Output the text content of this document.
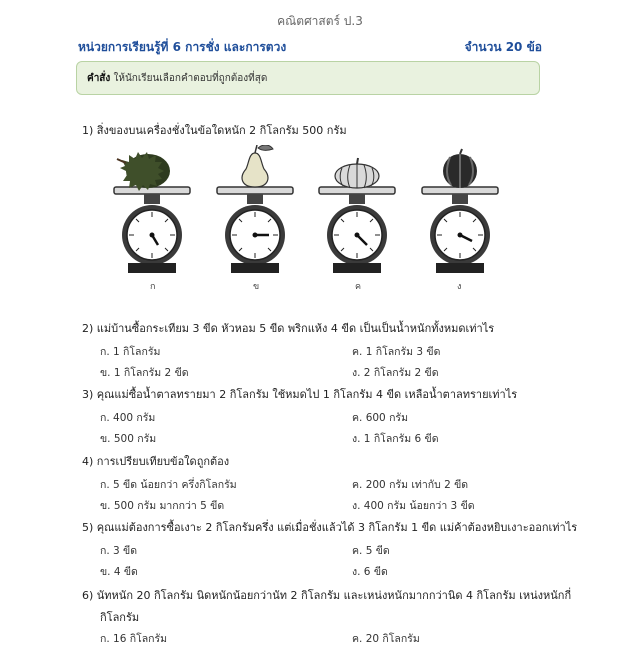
คณิตศาสตร์ ป.3
หน่วยการเรียนรู้ที่ 6 การชั่ง และการตวง	จำนวน 20 ข้อ
คำสั่ง ให้นักเรียนเลือกคำตอบที่ถูกต้องที่สุด
1) สิ่งของบนเครื่องชั่งในข้อใดหนัก 2 กิโลกรัม 500 กรัม
ก	ข	ค	ง
2) แม่บ้านซื้อกระเทียม 3 ขีด หัวหอม 5 ขีด พริกแห้ง 4 ขีด เป็นเป็นน้ำหนักทั้งหมดเท่าไร
ก. 1 กิโลกรัม	ค. 1 กิโลกรัม 3 ขีด
ข. 1 กิโลกรัม 2 ขีด	ง. 2 กิโลกรัม 2 ขีด
3) คุณแม่ซื้อน้ำตาลทรายมา 2 กิโลกรัม ใช้หมดไป 1 กิโลกรัม 4 ขีด เหลือน้ำตาลทรายเท่าไร
ก. 400 กรัม	ค. 600 กรัม
ข. 500 กรัม	ง. 1 กิโลกรัม 6 ขีด
4) การเปรียบเทียบข้อใดถูกต้อง
ก. 5 ขีด น้อยกว่า ครึ่งกิโลกรัม	ค. 200 กรัม เท่ากับ 2 ขีด
ข. 500 กรัม มากกว่า 5 ขีด	ง. 400 กรัม น้อยกว่า 3 ขีด
5) คุณแม่ต้องการซื้อเงาะ 2 กิโลกรัมครึ่ง แต่เมื่อชั่งแล้วได้ 3 กิโลกรัม 1 ขีด แม่ค้าต้องหยิบเงาะออกเท่าไร
ก. 3 ขีด	ค. 5 ขีด
ข. 4 ขีด	ง. 6 ขีด
6) นัทหนัก 20 กิโลกรัม นิดหนักน้อยกว่านัท 2 กิโลกรัม และเหน่งหนักมากกว่านิด 4 กิโลกรัม เหน่งหนักกี่
กิโลกรัม
ก. 16 กิโลกรัม	ค. 20 กิโลกรัม
